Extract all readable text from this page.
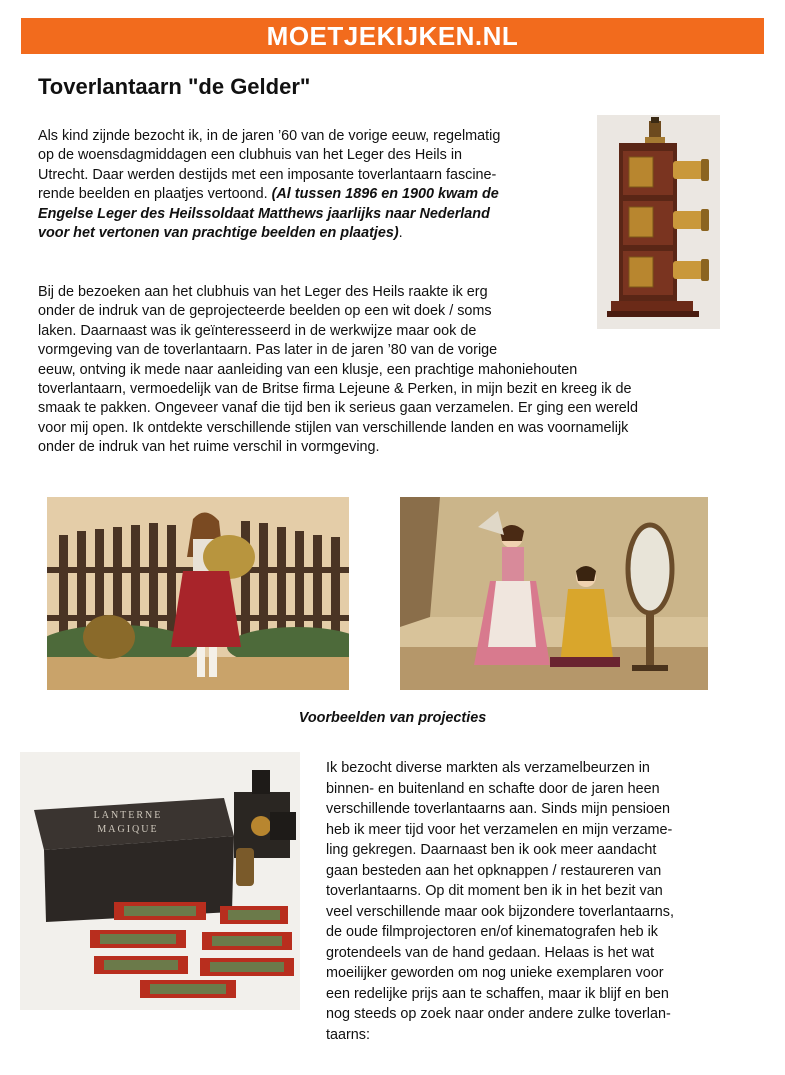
MOETJEKIJKEN.NL
Toverlantaarn "de Gelder"
Als kind zijnde bezocht ik, in de jaren ’60 van de vorige eeuw, regelmatig
op de woensdagmiddagen een clubhuis van het Leger des Heils in
Utrecht. Daar werden destijds met een imposante toverlantaarn fascine-
rende beelden en plaatjes vertoond. (Al tussen 1896 en 1900 kwam de
Engelse Leger des Heilssoldaat Matthews jaarlijks naar Nederland
voor het vertonen van prachtige beelden en plaatjes).
Bij de bezoeken aan het clubhuis van het Leger des Heils raakte ik erg
onder de indruk van de geprojecteerde beelden op een wit doek / soms
laken. Daarnaast was ik geïnteresseerd in de werkwijze maar ook de
vormgeving van de toverlantaarn. Pas later in de jaren ’80 van de vorige
eeuw, ontving ik mede naar aanleiding van een klusje, een prachtige mahoniehouten
toverlantaarn, vermoedelijk van de Britse firma Lejeune & Perken, in mijn bezit en kreeg ik de
smaak te pakken. Ongeveer vanaf die tijd ben ik serieus gaan verzamelen. Er ging een wereld
voor mij open. Ik ontdekte verschillende stijlen van verschillende landen en was voornamelijk
onder de indruk van het ruime verschil in vormgeving.
Voorbeelden van projecties
LANTERNE
MAGIQUE
Ik bezocht diverse markten als verzamelbeurzen in
binnen- en buitenland en schafte door de jaren heen
verschillende toverlantaarns aan. Sinds mijn pensioen
heb ik meer tijd voor het verzamelen en mijn verzame-
ling gekregen. Daarnaast ben ik ook meer aandacht
gaan besteden aan het opknappen / restaureren van
toverlantaarns. Op dit moment ben ik in het bezit van
veel verschillende maar ook bijzondere toverlantaarns,
de oude filmprojectoren en/of kinematografen heb ik
grotendeels van de hand gedaan. Helaas is het wat
moeilijker geworden om nog unieke exemplaren voor
een redelijke prijs aan te schaffen, maar ik blijf en ben
nog steeds op zoek naar onder andere zulke toverlan-
taarns:
